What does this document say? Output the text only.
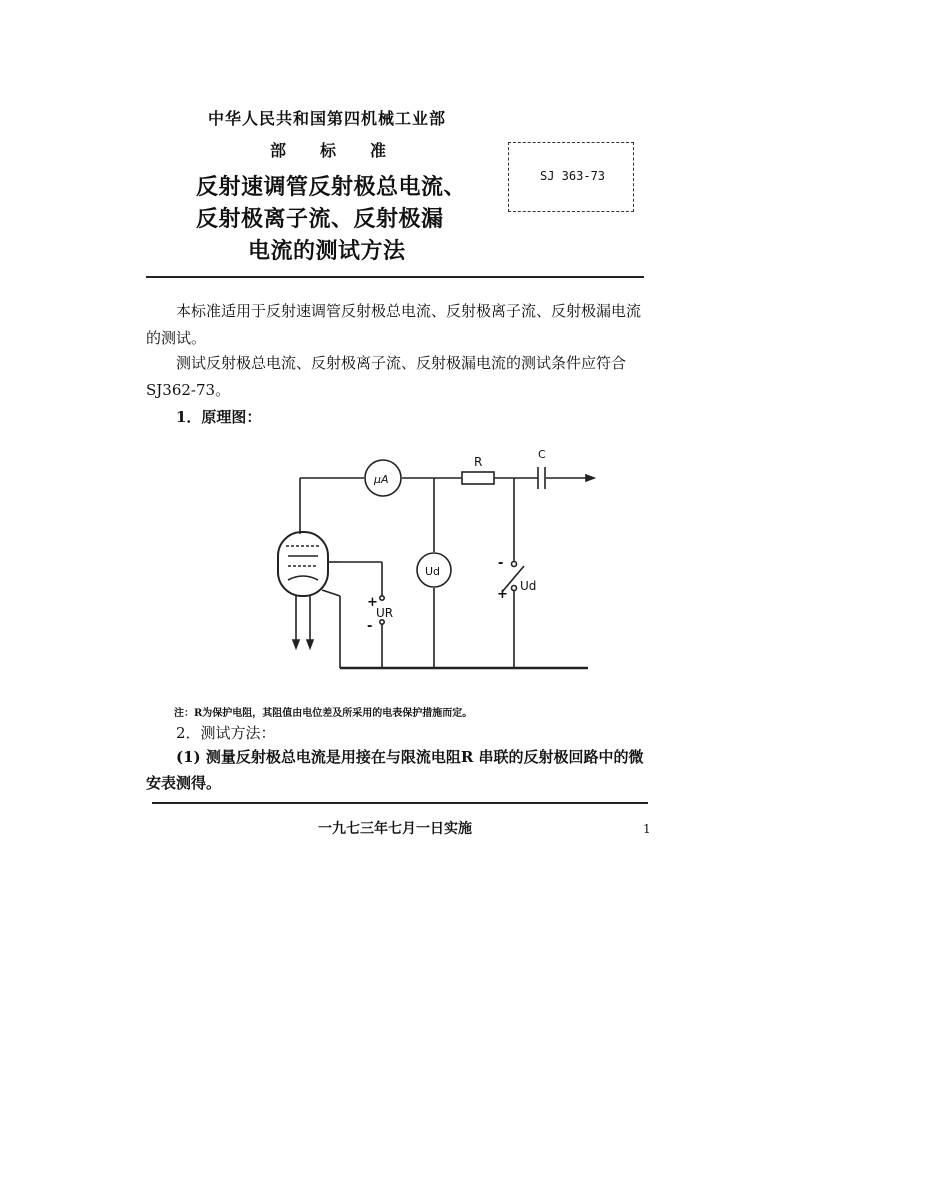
中华人民共和国第四机械工业部
部标准
反射速调管反射极总电流、
反射极离子流、反射极漏
电流的测试方法
SJ 363-73
本标准适用于反射速调管反射极总电流、反射极离子流、反射极漏电流的测试。
测试反射极总电流、反射极离子流、反射极漏电流的测试条件应符合SJ362-73。
1．原理图：
μA
R
C
Ud
+
UR
-
-
+
Ud
注：R为保护电阻，其阻值由电位差及所采用的电表保护措施而定。
2．测试方法：
(1) 测量反射极总电流是用接在与限流电阻R 串联的反射极回路中的微安表测得。
一九七三年七月一日实施	1
